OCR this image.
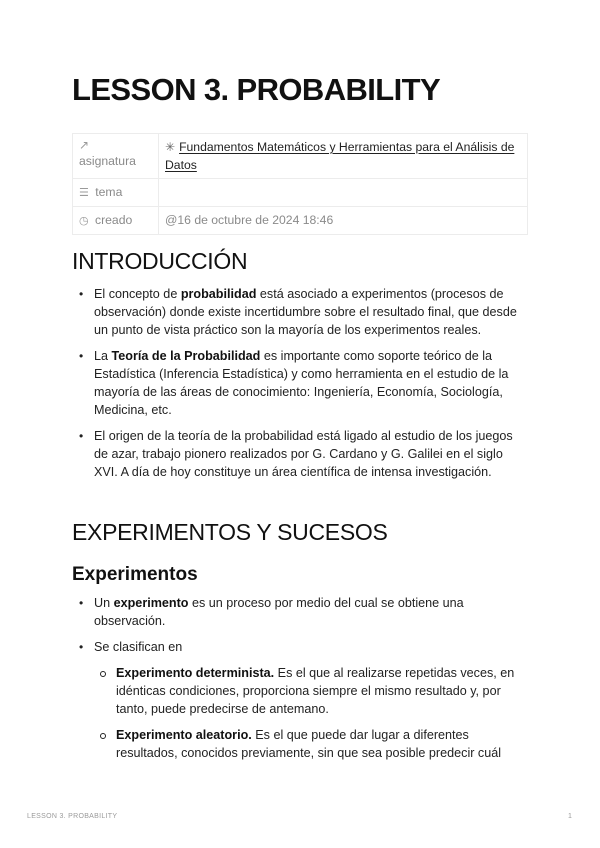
LESSON 3. PROBABILITY
↗
asignatura	✳ Fundamentos Matemáticos y Herramientas para el Análisis de Datos
☰ tema	
◷ creado	@16 de octubre de 2024 18:46
INTRODUCCIÓN
• El concepto de probabilidad está asociado a experimentos (procesos de observación) donde existe incertidumbre sobre el resultado final, que desde un punto de vista práctico son la mayoría de los experimentos reales.
• La Teoría de la Probabilidad es importante como soporte teórico de la Estadística (Inferencia Estadística) y como herramienta en el estudio de la mayoría de las áreas de conocimiento: Ingeniería, Economía, Sociología, Medicina, etc.
• El origen de la teoría de la probabilidad está ligado al estudio de los juegos de azar, trabajo pionero realizados por G. Cardano y G. Galilei en el siglo XVI. A día de hoy constituye un área científica de intensa investigación.
EXPERIMENTOS Y SUCESOS
Experimentos
• Un experimento es un proceso por medio del cual se obtiene una observación.
• Se clasifican en
Experimento determinista. Es el que al realizarse repetidas veces, en idénticas condiciones, proporciona siempre el mismo resultado y, por tanto, puede predecirse de antemano.
Experimento aleatorio. Es el que puede dar lugar a diferentes resultados, conocidos previamente, sin que sea posible predecir cuál
LESSON 3. PROBABILITY	1
